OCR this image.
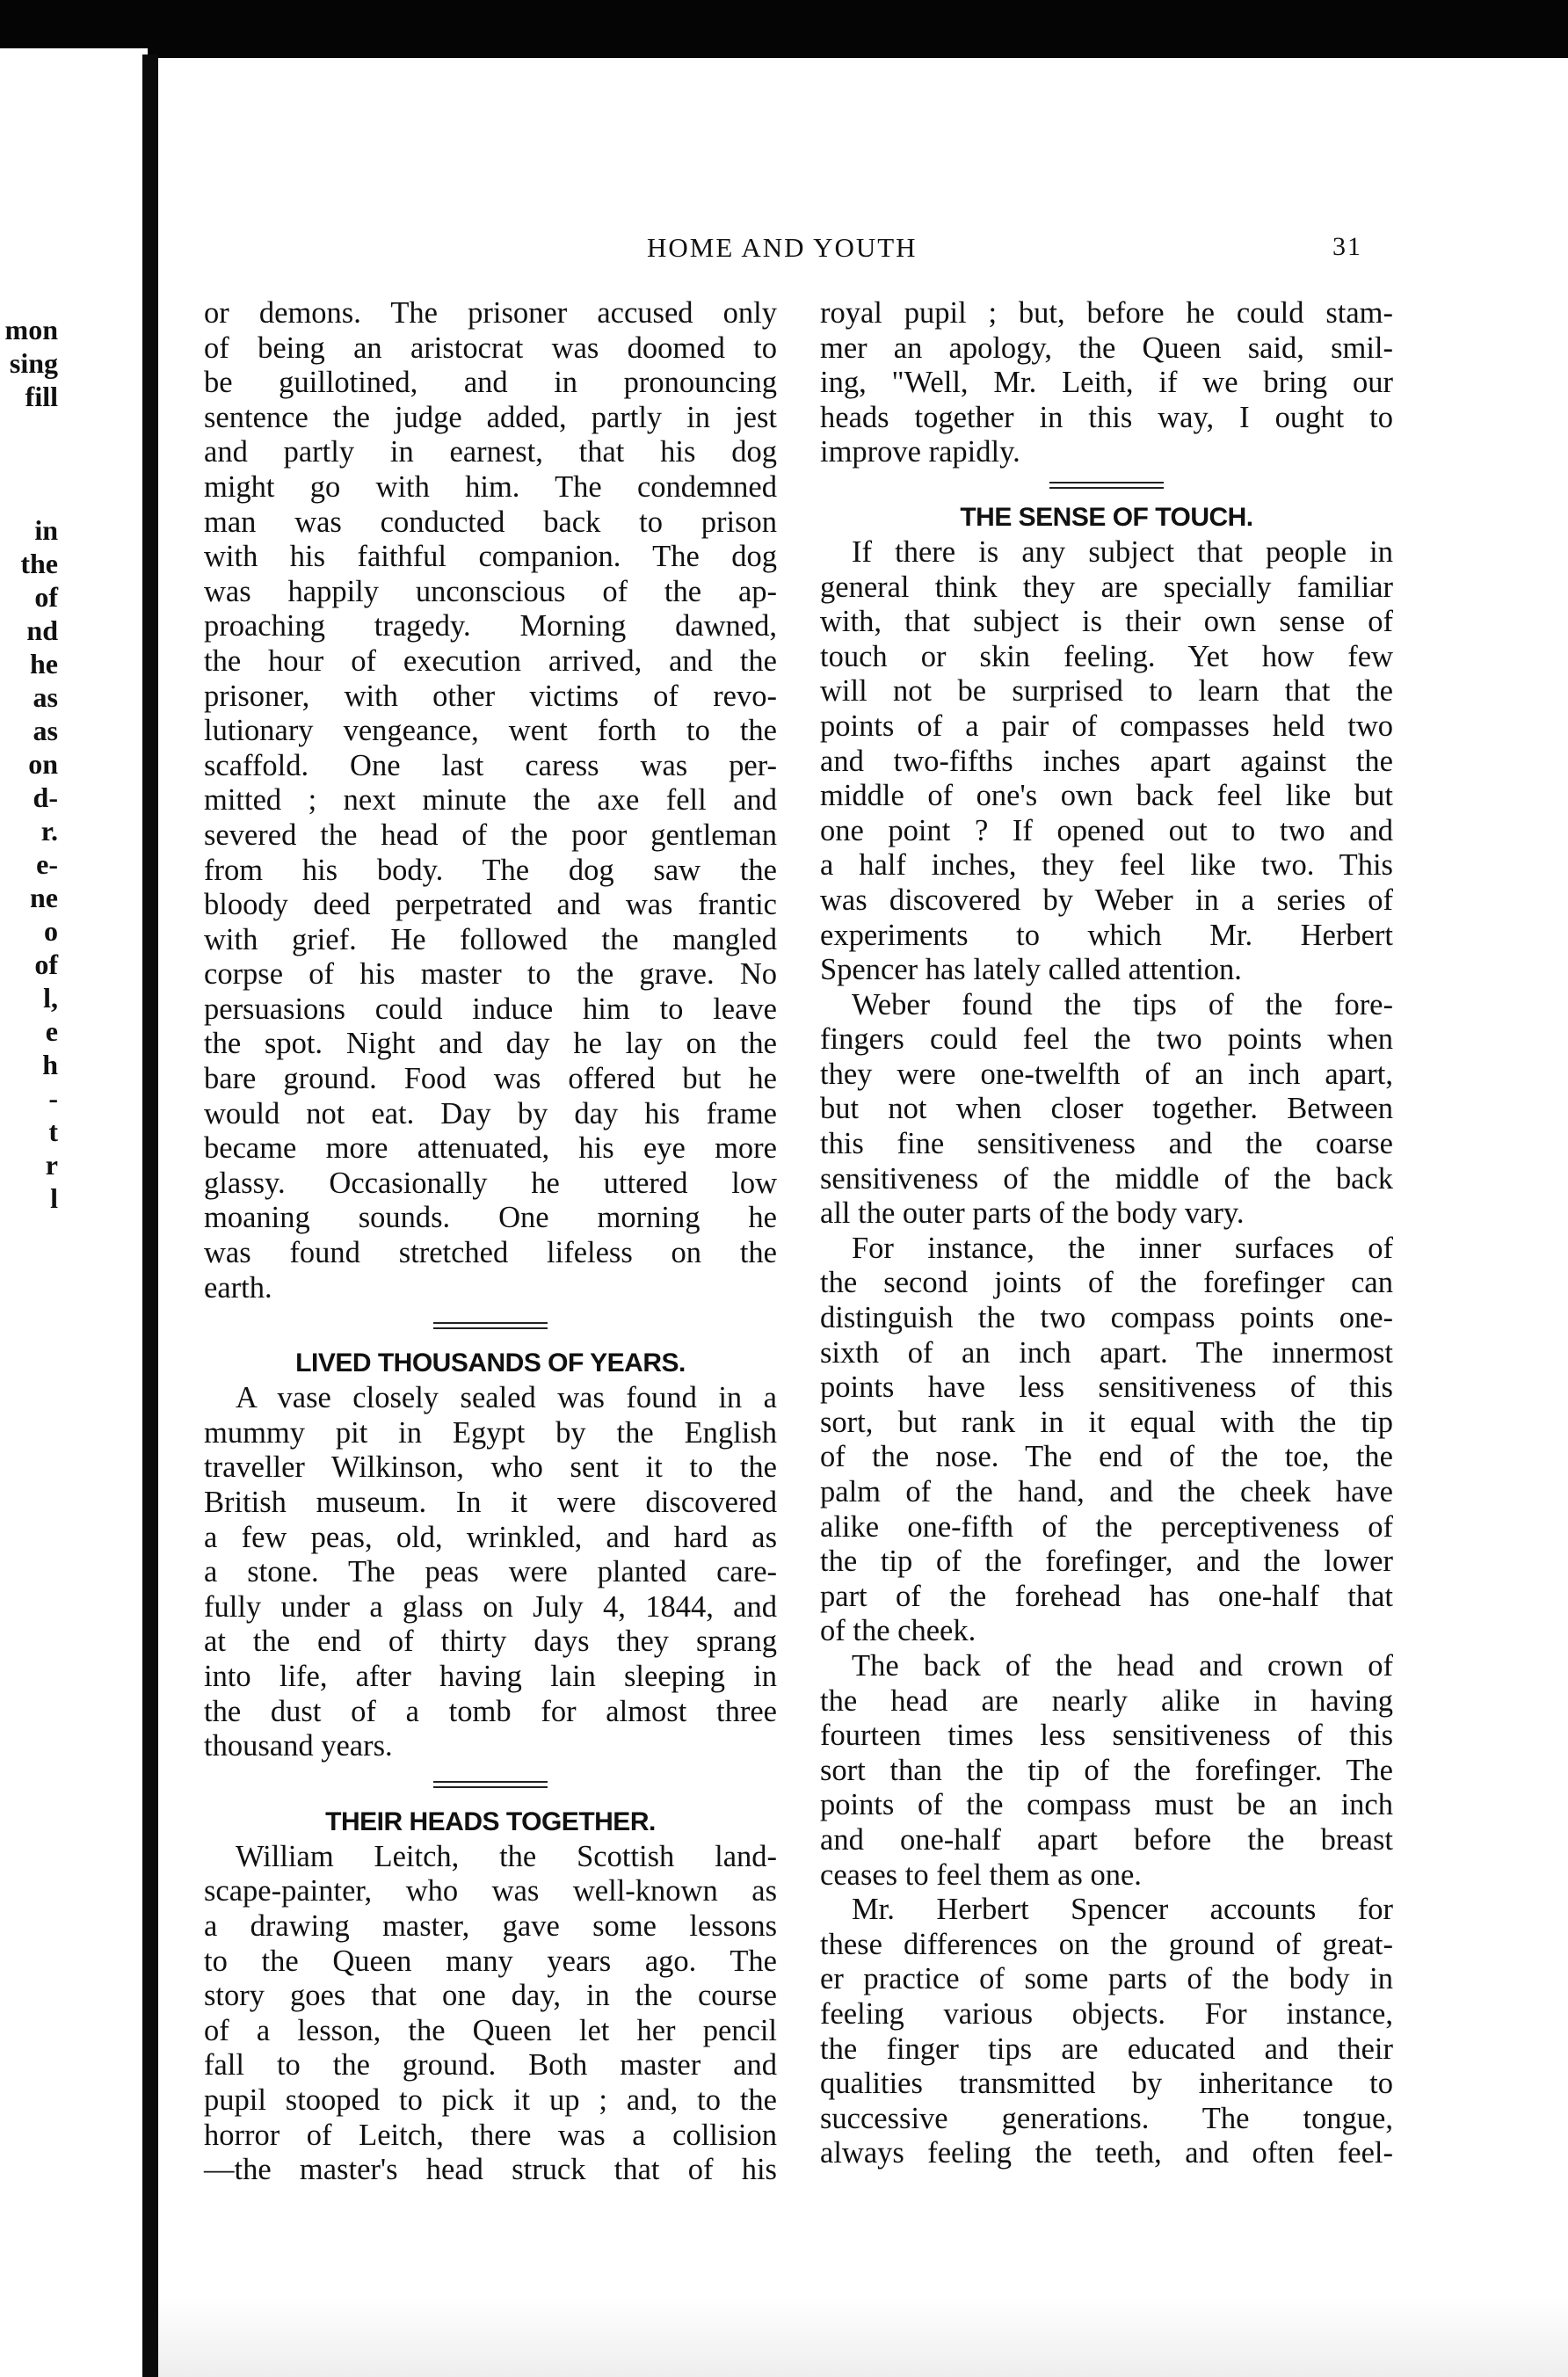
mon
sing
fill
in
the
of
nd
he
as
as
on
d-
r.
e-
ne
o
of
l,
e
h
-
t
r
l
HOME AND YOUTH	31
or demons. The prisoner accused only
of being an aristocrat was doomed to
be guillotined, and in pronouncing
sentence the judge added, partly in jest
and partly in earnest, that his dog
might go with him. The condemned
man was conducted back to prison
with his faithful companion. The dog
was happily unconscious of the ap-
proaching tragedy. Morning dawned,
the hour of execution arrived, and the
prisoner, with other victims of revo-
lutionary vengeance, went forth to the
scaffold. One last caress was per-
mitted ; next minute the axe fell and
severed the head of the poor gentleman
from his body. The dog saw the
bloody deed perpetrated and was frantic
with grief. He followed the mangled
corpse of his master to the grave. No
persuasions could induce him to leave
the spot. Night and day he lay on the
bare ground. Food was offered but he
would not eat. Day by day his frame
became more attenuated, his eye more
glassy. Occasionally he uttered low
moaning sounds. One morning he
was found stretched lifeless on the
earth.
LIVED THOUSANDS OF YEARS.
A vase closely sealed was found in a
mummy pit in Egypt by the English
traveller Wilkinson, who sent it to the
British museum. In it were discovered
a few peas, old, wrinkled, and hard as
a stone. The peas were planted care-
fully under a glass on July 4, 1844, and
at the end of thirty days they sprang
into life, after having lain sleeping in
the dust of a tomb for almost three
thousand years.
THEIR HEADS TOGETHER.
William Leitch, the Scottish land-
scape-painter, who was well-known as
a drawing master, gave some lessons
to the Queen many years ago. The
story goes that one day, in the course
of a lesson, the Queen let her pencil
fall to the ground. Both master and
pupil stooped to pick it up ; and, to the
horror of Leitch, there was a collision
—the master's head struck that of his
royal pupil ; but, before he could stam-
mer an apology, the Queen said, smil-
ing, "Well, Mr. Leith, if we bring our
heads together in this way, I ought to
improve rapidly.
THE SENSE OF TOUCH.
If there is any subject that people in
general think they are specially familiar
with, that subject is their own sense of
touch or skin feeling. Yet how few
will not be surprised to learn that the
points of a pair of compasses held two
and two-fifths inches apart against the
middle of one's own back feel like but
one point ? If opened out to two and
a half inches, they feel like two. This
was discovered by Weber in a series of
experiments to which Mr. Herbert
Spencer has lately called attention.
Weber found the tips of the fore-
fingers could feel the two points when
they were one-twelfth of an inch apart,
but not when closer together. Between
this fine sensitiveness and the coarse
sensitiveness of the middle of the back
all the outer parts of the body vary.
For instance, the inner surfaces of
the second joints of the forefinger can
distinguish the two compass points one-
sixth of an inch apart. The innermost
points have less sensitiveness of this
sort, but rank in it equal with the tip
of the nose. The end of the toe, the
palm of the hand, and the cheek have
alike one-fifth of the perceptiveness of
the tip of the forefinger, and the lower
part of the forehead has one-half that
of the cheek.
The back of the head and crown of
the head are nearly alike in having
fourteen times less sensitiveness of this
sort than the tip of the forefinger. The
points of the compass must be an inch
and one-half apart before the breast
ceases to feel them as one.
Mr. Herbert Spencer accounts for
these differences on the ground of great-
er practice of some parts of the body in
feeling various objects. For instance,
the finger tips are educated and their
qualities transmitted by inheritance to
successive generations. The tongue,
always feeling the teeth, and often feel-
